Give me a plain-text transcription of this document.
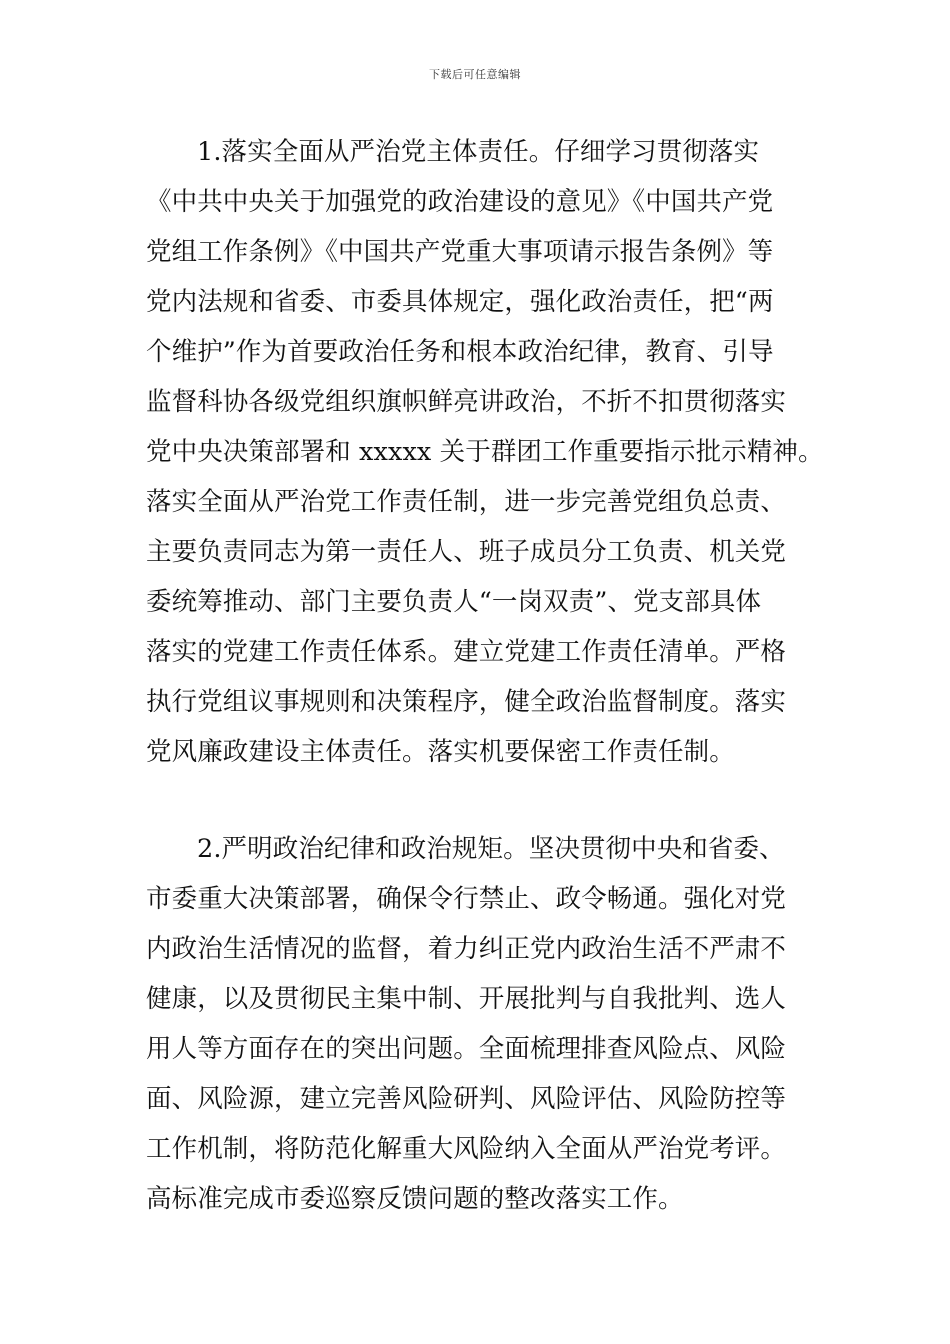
下载后可任意编辑
1.落实全面从严治党主体责任。仔细学习贯彻落实
《中共中央关于加强党的政治建设的意见》《中国共产党
党组工作条例》《中国共产党重大事项请示报告条例》等
党内法规和省委、市委具体规定，强化政治责任，把“两
个维护”作为首要政治任务和根本政治纪律，教育、引导
监督科协各级党组织旗帜鲜亮讲政治，不折不扣贯彻落实
党中央决策部署和 xxxxx 关于群团工作重要指示批示精神。
落实全面从严治党工作责任制，进一步完善党组负总责、
主要负责同志为第一责任人、班子成员分工负责、机关党
委统筹推动、部门主要负责人“一岗双责”、党支部具体
落实的党建工作责任体系。建立党建工作责任清单。严格
执行党组议事规则和决策程序，健全政治监督制度。落实
党风廉政建设主体责任。落实机要保密工作责任制。
2.严明政治纪律和政治规矩。坚决贯彻中央和省委、
市委重大决策部署，确保令行禁止、政令畅通。强化对党
内政治生活情况的监督，着力纠正党内政治生活不严肃不
健康，以及贯彻民主集中制、开展批判与自我批判、选人
用人等方面存在的突出问题。全面梳理排查风险点、风险
面、风险源，建立完善风险研判、风险评估、风险防控等
工作机制，将防范化解重大风险纳入全面从严治党考评。
高标准完成市委巡察反馈问题的整改落实工作。
